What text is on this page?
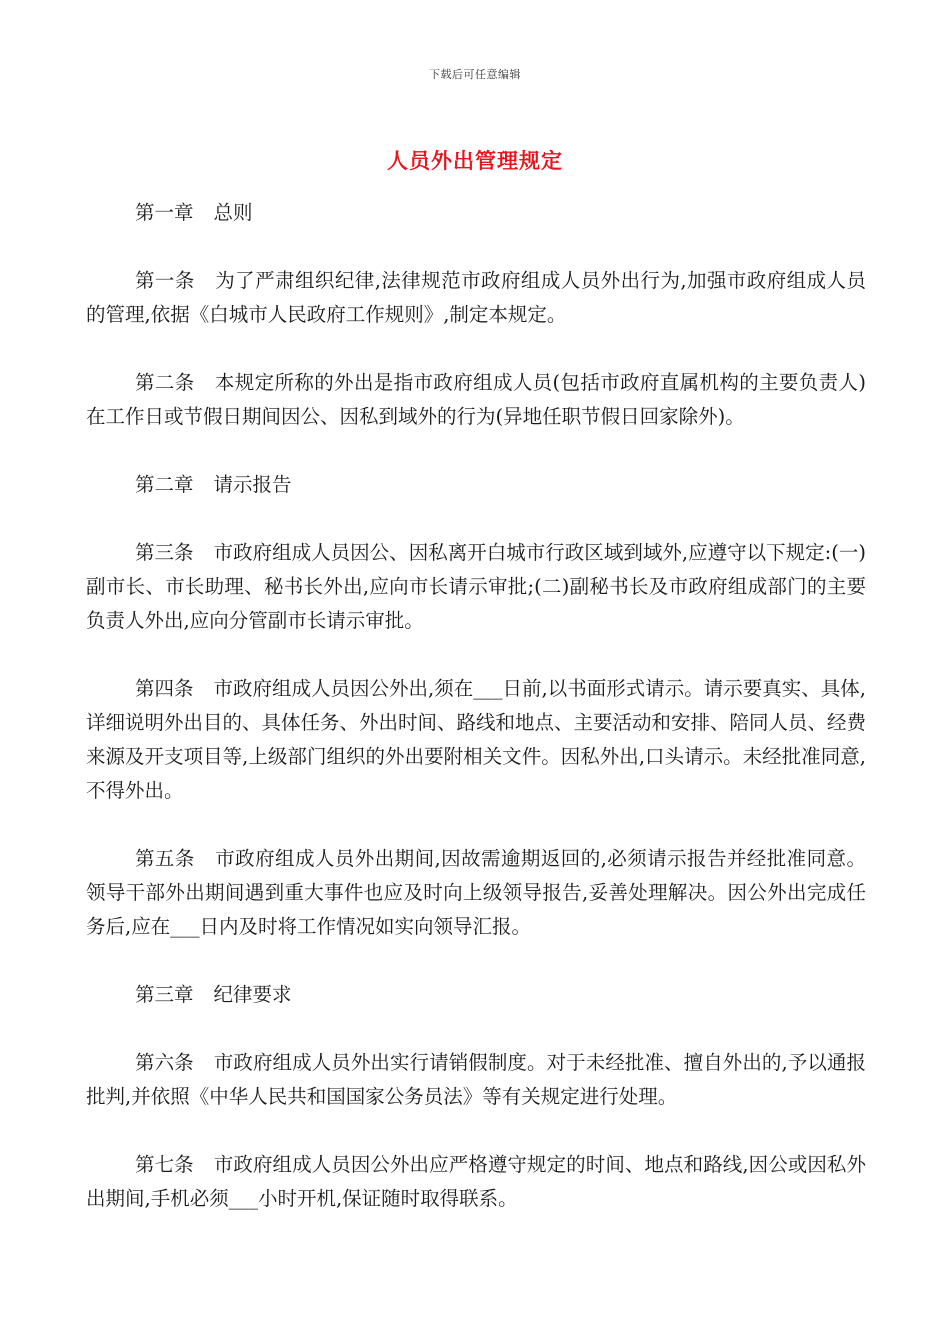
下载后可任意编辑
人员外出管理规定

第一章 总则

第一条 为了严肃组织纪律,法律规范市政府组成人员外出行为,加强市政府组成人员的管理,依据《白城市人民政府工作规则》,制定本规定。

第二条 本规定所称的外出是指市政府组成人员(包括市政府直属机构的主要负责人)在工作日或节假日期间因公、因私到域外的行为(异地任职节假日回家除外)。

第二章 请示报告

第三条 市政府组成人员因公、因私离开白城市行政区域到域外,应遵守以下规定:(一)副市长、市长助理、秘书长外出,应向市长请示审批;(二)副秘书长及市政府组成部门的主要负责人外出,应向分管副市长请示审批。

第四条 市政府组成人员因公外出,须在___日前,以书面形式请示。请示要真实、具体,详细说明外出目的、具体任务、外出时间、路线和地点、主要活动和安排、陪同人员、经费来源及开支项目等,上级部门组织的外出要附相关文件。因私外出,口头请示。未经批准同意,不得外出。

第五条 市政府组成人员外出期间,因故需逾期返回的,必须请示报告并经批准同意。领导干部外出期间遇到重大事件也应及时向上级领导报告,妥善处理解决。因公外出完成任务后,应在___日内及时将工作情况如实向领导汇报。

第三章 纪律要求

第六条 市政府组成人员外出实行请销假制度。对于未经批准、擅自外出的,予以通报批判,并依照《中华人民共和国国家公务员法》等有关规定进行处理。

第七条 市政府组成人员因公外出应严格遵守规定的时间、地点和路线,因公或因私外出期间,手机必须___小时开机,保证随时取得联系。
